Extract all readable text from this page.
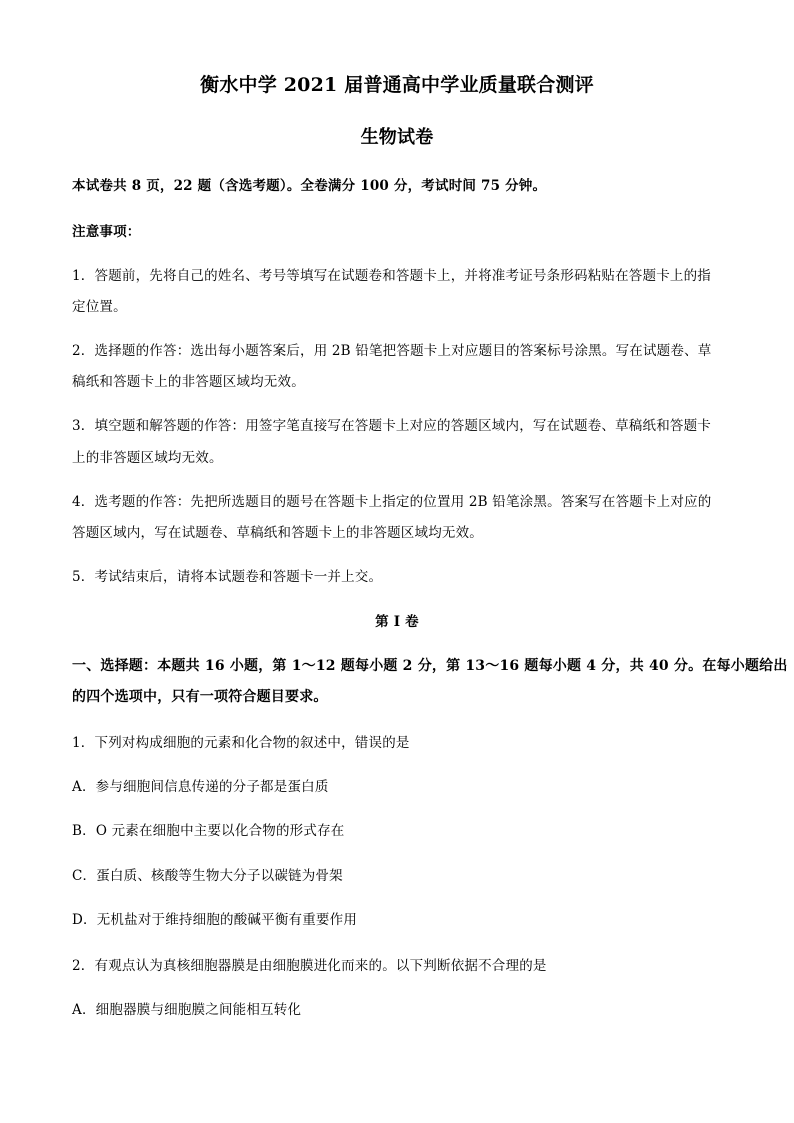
衡水中学 2021 届普通高中学业质量联合测评
生物试卷
本试卷共 8 页，22 题（含选考题）。全卷满分 100 分，考试时间 75 分钟。
注意事项：
1．答题前，先将自己的姓名、考号等填写在试题卷和答题卡上，并将准考证号条形码粘贴在答题卡上的指
定位置。
2．选择题的作答：选出每小题答案后，用 2B 铅笔把答题卡上对应题目的答案标号涂黑。写在试题卷、草
稿纸和答题卡上的非答题区域均无效。
3．填空题和解答题的作答：用签字笔直接写在答题卡上对应的答题区域内，写在试题卷、草稿纸和答题卡
上的非答题区域均无效。
4．选考题的作答：先把所选题目的题号在答题卡上指定的位置用 2B 铅笔涂黑。答案写在答题卡上对应的
答题区域内，写在试题卷、草稿纸和答题卡上的非答题区域均无效。
5．考试结束后，请将本试题卷和答题卡一并上交。
第 I 卷
一、选择题：本题共 16 小题，第 1～12 题每小题 2 分，第 13～16 题每小题 4 分，共 40 分。在每小题给出
的四个选项中，只有一项符合题目要求。
1．下列对构成细胞的元素和化合物的叙述中，错误的是
A．参与细胞间信息传递的分子都是蛋白质
B．O 元素在细胞中主要以化合物的形式存在
C．蛋白质、核酸等生物大分子以碳链为骨架
D．无机盐对于维持细胞的酸碱平衡有重要作用
2．有观点认为真核细胞器膜是由细胞膜进化而来的。以下判断依据不合理的是
A．细胞器膜与细胞膜之间能相互转化
